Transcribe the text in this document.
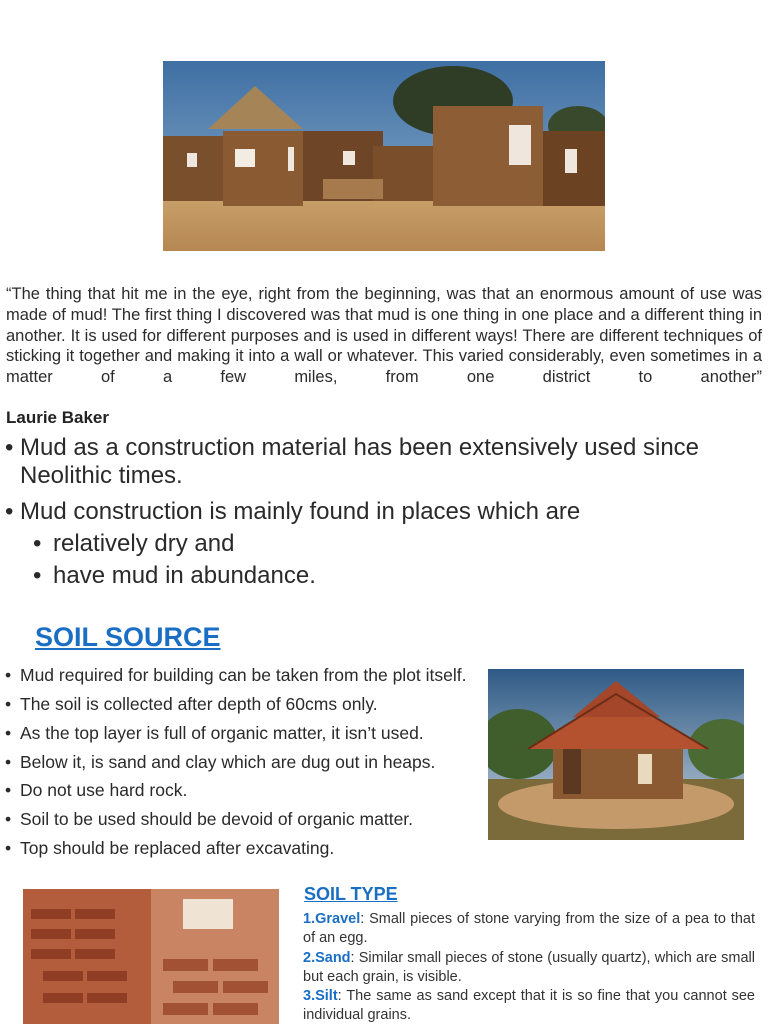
“The thing that hit me in the eye, right from the beginning, was that an enormous amount of use was made of mud! The first thing I discovered was that mud is one thing in one place and a different thing in another. It is used for different purposes and is used in different ways! There are different techniques of sticking it together and making it into a wall or whatever. This varied considerably, even sometimes in a matter of a few miles, from one district to another”
Laurie Baker
• Mud as a construction material has been extensively used since Neolithic times.
• Mud construction is mainly found in places which are
• relatively dry and
• have mud in abundance.
SOIL SOURCE
• Mud required for building can be taken from the plot itself.
• The soil is collected after depth of 60cms only.
• As the top layer is full of organic matter, it isn’t used.
• Below it, is sand and clay which are dug out in heaps.
• Do not use hard rock.
• Soil to be used should be devoid of organic matter.
• Top should be replaced after excavating.
SOIL TYPE
1.Gravel: Small pieces of stone varying from the size of a pea to that of an egg.
2.Sand: Similar small pieces of stone (usually quartz), which are small but each grain, is visible.
3.Silt: The same as sand except that it is so fine that you cannot see individual grains.
